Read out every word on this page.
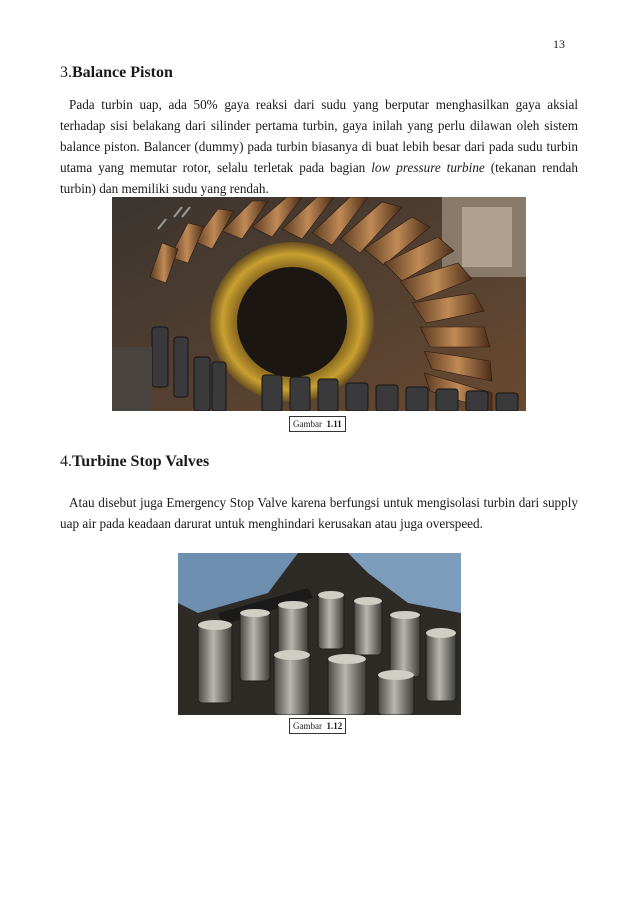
13
3.Balance Piston

Pada turbin uap, ada 50% gaya reaksi dari sudu yang berputar menghasilkan gaya aksial terhadap sisi belakang dari silinder pertama turbin, gaya inilah yang perlu dilawan oleh sistem balance piston. Balancer (dummy) pada turbin biasanya di buat lebih besar dari pada sudu turbin utama yang memutar rotor, selalu terletak pada bagian low pressure turbine (tekanan rendah turbin) dan memiliki sudu yang rendah.

Gambar 1.11
4.Turbine Stop Valves

Atau disebut juga Emergency Stop Valve karena berfungsi untuk mengisolasi turbin dari supply uap air pada keadaan darurat untuk menghindari kerusakan atau juga overspeed.

Gambar 1.12
